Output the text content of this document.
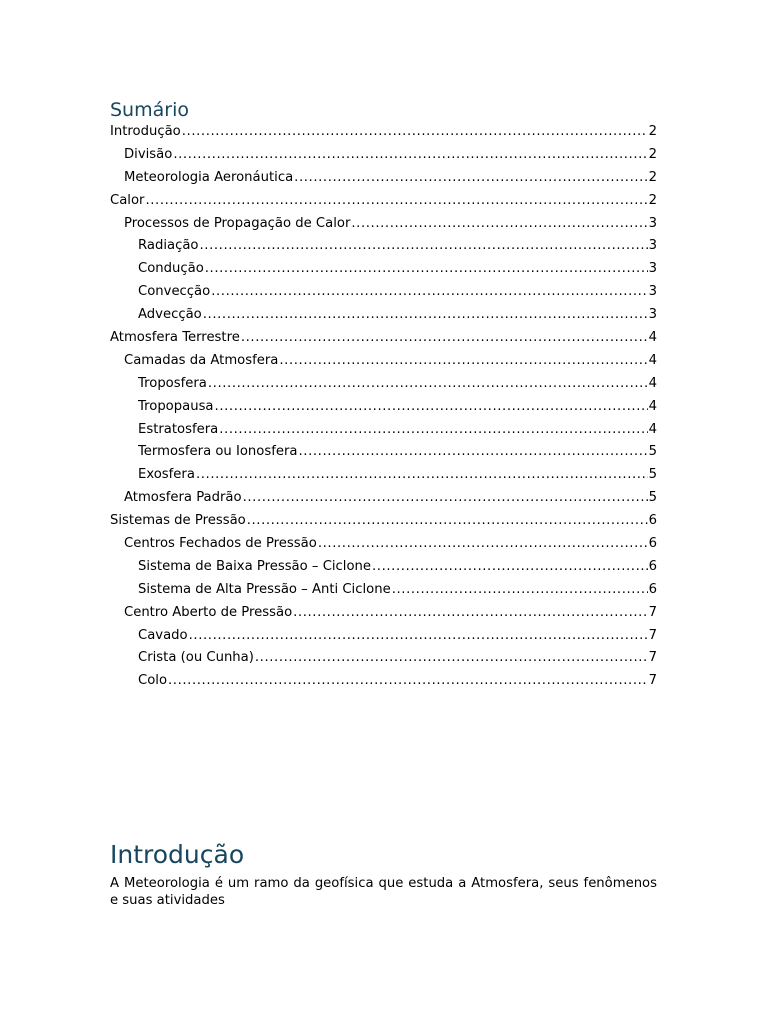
Sumário
Introdução .....	2
Divisão .....	2
Meteorologia Aeronáutica .....	2
Calor .....	2
Processos de Propagação de Calor .....	3
Radiação .....	3
Condução .....	3
Convecção .....	3
Advecção .....	3
Atmosfera Terrestre .....	4
Camadas da Atmosfera .....	4
Troposfera .....	4
Tropopausa .....	4
Estratosfera .....	4
Termosfera ou Ionosfera .....	5
Exosfera .....	5
Atmosfera Padrão .....	5
Sistemas de Pressão .....	6
Centros Fechados de Pressão .....	6
Sistema de Baixa Pressão – Ciclone .....	6
Sistema de Alta Pressão – Anti Ciclone .....	6
Centro Aberto de Pressão .....	7
Cavado .....	7
Crista (ou Cunha) .....	7
Colo .....	7
Introdução

A Meteorologia é um ramo da geofísica que estuda a Atmosfera, seus fenômenos e suas atividades
